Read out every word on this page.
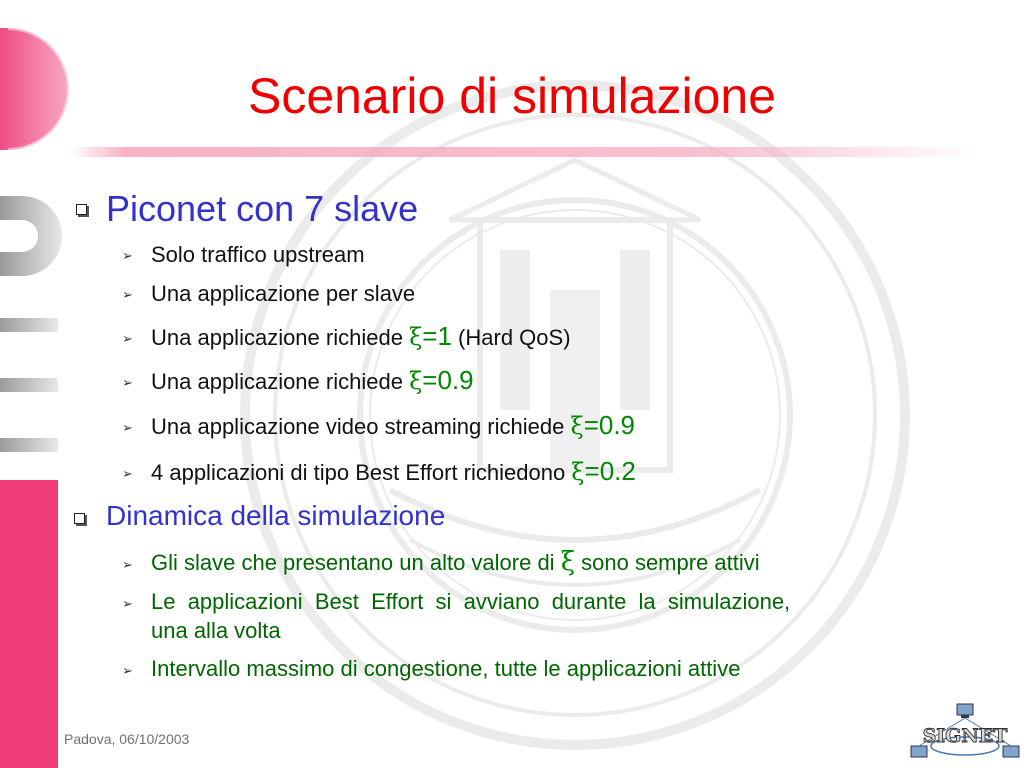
Scenario di simulazione
Piconet con 7 slave
➢ Solo traffico upstream
➢ Una applicazione per slave
➢ Una applicazione richiede ξ=1 (Hard QoS)
➢ Una applicazione richiede ξ=0.9
➢ Una applicazione video streaming richiede ξ=0.9
➢ 4 applicazioni di tipo Best Effort richiedono ξ=0.2
Dinamica della simulazione
➢ Gli slave che presentano un alto valore di ξ sono sempre attivi
➢ Le  applicazioni  Best  Effort  si  avviano  durante  la  simulazione,
una alla volta
➢ Intervallo massimo di congestione, tutte le applicazioni attive
Padova, 06/10/2003	SIGNET
